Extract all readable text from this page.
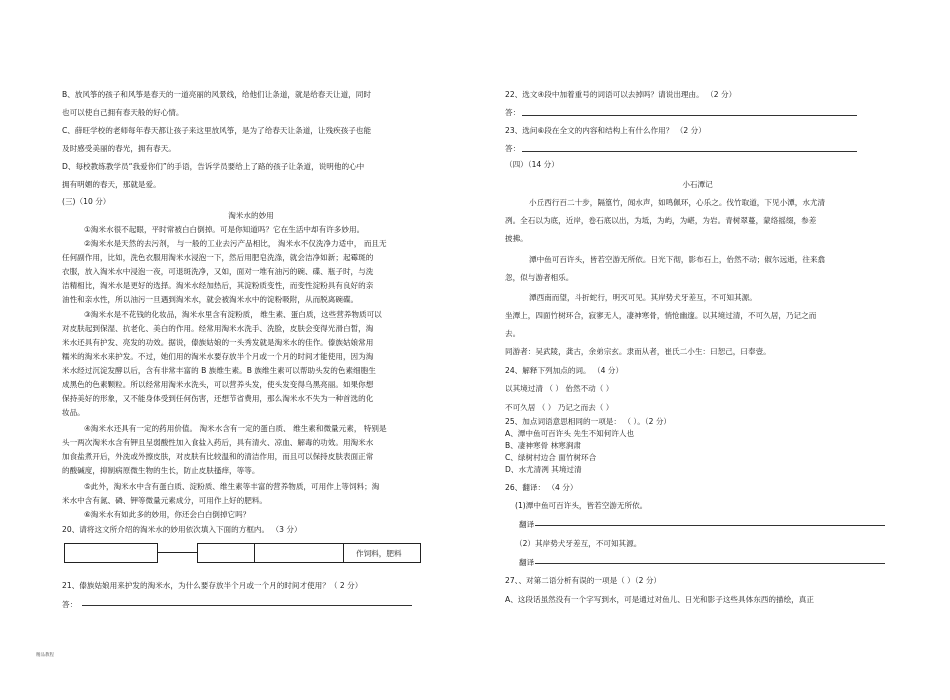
B、放风筝的孩子和风筝是春天的一道亮丽的风景线，给他们让条道，就是给春天让道，同时
也可以使自己拥有春天般的好心情。
C、薛旺学校的老师每年春天都让孩子来这里放风筝，是为了给春天让条道，让残疾孩子也能
及时感受美丽的春光，拥有春天。
D、每校教练教学员“我爱你们”的手语，告诉学员要给上了路的孩子让条道，说明他的心中
拥有明媚的春天，那就是爱。
(三)（10 分）
淘米水的妙用
①淘米水很不起眼，平时常被白白倒掉。可是你知道吗？它在生活中却有许多妙用。
②淘米水是天然的去污剂， 与一般的工业去污产品相比， 淘米水不仅洗净力适中， 而且无
任何副作用，比如，洗色衣服用淘米水浸泡一下，然后用肥皂洗涤，就会洁净如新；起霉斑的
衣服，放入淘米水中浸泡一夜，可退斑洗净，又如，面对一堆有油污的碗、碟、瓶子时，与洗
洁精相比，淘米水是更好的选择。淘米水经加热后，其淀粉质变性，而变性淀粉具有良好的亲
油性和亲水性，所以油污一旦遇到淘米水，就会被淘米水中的淀粉吸附，从而脱离碗碟。
③淘米水是不花钱的化妆品，淘米水里含有淀粉质， 维生素、蛋白质，这些营养物质可以
对皮肤起到保湿、抗老化、美白的作用。经常用淘米水洗手、洗脸，皮肤会变得光滑白皙，淘
米水还具有护发、亮发的功效。据说，傣族姑娘的一头秀发就是淘米水的佳作。傣族姑娘常用
糯米的淘米水来护发。不过，她们用的淘米水要存放半个月或一个月的时间才能使用，因为淘
米水经过沉淀发酵以后，含有非常丰富的 B 族维生素。B 族维生素可以帮助头发的色素细胞生
成黑色的色素颗粒。所以经常用淘米水洗头，可以营养头发，使头发变得乌黑亮丽。如果你想
保持美好的形象，又不能身体受到任何伤害，还想节省费用，那么淘米水不失为一种首选的化
妆品。
④淘米水还具有一定的药用价值。 淘米水含有一定的蛋白质、 维生素和微量元素， 特别是
头一两次淘米水含有钾且呈弱酸性加入食盐入药后，具有清火、凉血、解毒的功效。用淘米水
加食盐煮开后，外洗或外擦皮肤，对皮肤有比较温和的清洁作用，而且可以保持皮肤表面正常
的酸碱度，抑制病原微生物的生长，防止皮肤搔痒，等等。
⑤此外，淘米水中含有蛋白质、淀粉质、维生素等丰富的营养物质，可用作上等饲料；淘
米水中含有氮、磷、钾等微量元素成分，可用作上好的肥料。
⑥淘米水有如此多的妙用，你还会白白倒掉它吗？
20、请将这文所介绍的淘米水的妙用依次填入下面的方框内。 （3 分）
21、傣族姑娘用来护发的淘米水，为什么要存放半个月或一个月的时间才使用？（ 2 分）
答：
22、选文④段中加着重号的词语可以去掉吗？请说出理由。 （2 分）
答：
23、选问⑥段在全文的内容和结构上有什么作用？ （2 分）
答：
（四）（14 分）
小石潭记
小丘西行百二十步，隔篁竹，闻水声，如鸣佩环，心乐之。伐竹取道，下见小潭，水尤清
冽。全石以为底，近岸，卷石底以出，为坻，为屿，为嵁，为岩。青树翠蔓，蒙络摇缀，参差
披拂。
潭中鱼可百许头，皆若空游无所依。日光下彻，影布石上，佁然不动；俶尔远逝，往来翕
忽，似与游者相乐。
潭西南而望，斗折蛇行，明灭可见。其岸势犬牙差互，不可知其源。
坐潭上，四面竹树环合，寂寥无人，凄神寒骨，悄怆幽邃。以其境过清，不可久居，乃记之而
去。
同游者：吴武陵，龚古，余弟宗玄。隶而从者，崔氏二小生：曰恕己，曰奉壹。
24、解释下列加点的词。 （4 分）
以其境过清 （ ） 佁然不动（ ）
不可久居 （ ） 乃记之而去（ ）
25、加点词语意思相同的一项是： （ ）。（2 分）
A、潭中鱼可百许头 先生不知何许人也
B、凄神寒骨 林寒涧肃
C、绿树村边合 面竹树环合
D、水尤清冽 其境过清
26、翻译： （4 分）
(1)潭中鱼可百许头，皆若空游无所依。
翻译
（2）其岸势犬牙差互，不可知其源。
翻译
27、、对第二语分析有误的一项是（ ）（2 分）
A、这段话虽然没有一个字写到水，可是通过对鱼儿、日光和影子这些具体东西的描绘，真正
作饲料，肥料
精品教程
